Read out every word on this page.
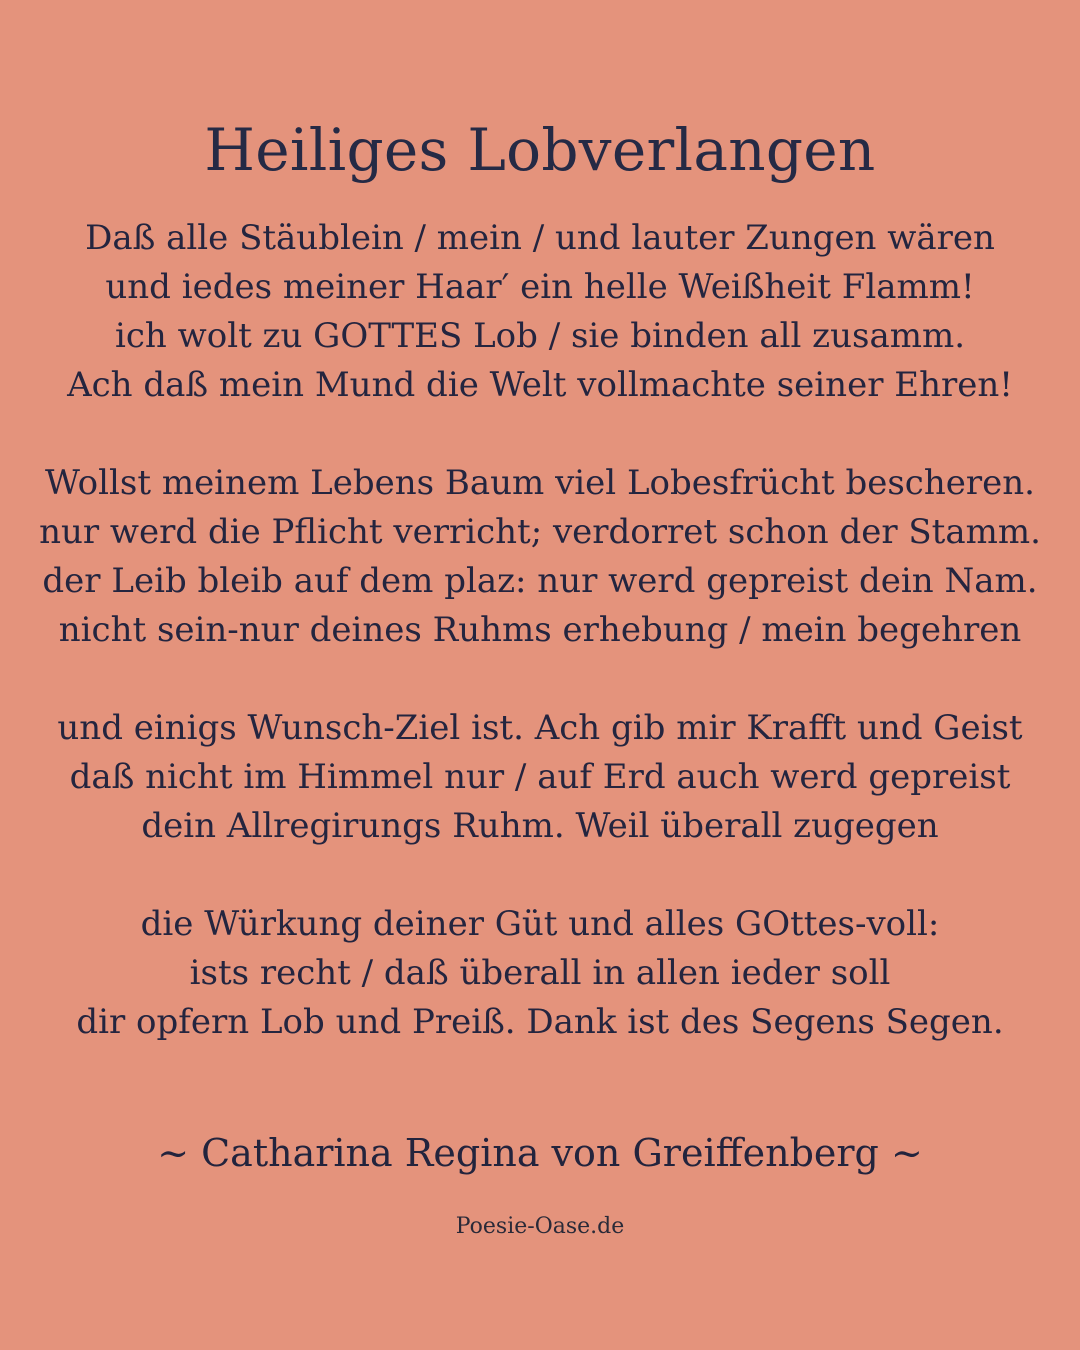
Heiliges Lobverlangen
Daß alle Stäublein / mein / und lauter Zungen wären
und iedes meiner Haar′ ein helle Weißheit Flamm!
ich wolt zu GOTTES Lob / sie binden all zusamm.
Ach daß mein Mund die Welt vollmachte seiner Ehren!
Wollst meinem Lebens Baum viel Lobesfrücht bescheren.
nur werd die Pflicht verricht; verdorret schon der Stamm.
der Leib bleib auf dem plaz: nur werd gepreist dein Nam.
nicht sein-nur deines Ruhms erhebung / mein begehren
und einigs Wunsch-Ziel ist. Ach gib mir Krafft und Geist
daß nicht im Himmel nur / auf Erd auch werd gepreist
dein Allregirungs Ruhm. Weil überall zugegen
die Würkung deiner Güt und alles GOttes-voll:
ists recht / daß überall in allen ieder soll
dir opfern Lob und Preiß. Dank ist des Segens Segen.
~ Catharina Regina von Greiffenberg ~
Poesie-Oase.de
